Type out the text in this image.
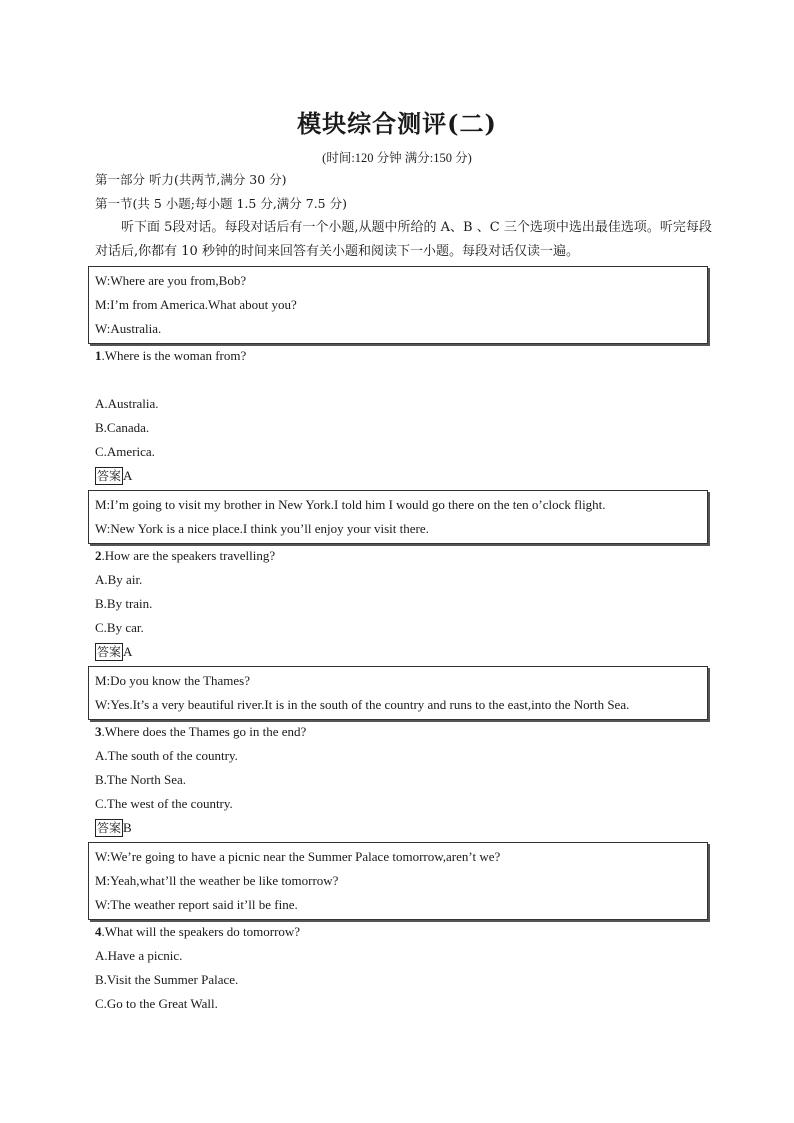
模块综合测评(二)
(时间:120 分钟 满分:150 分)
第一部分 听力(共两节,满分 30 分)
第一节(共 5 小题;每小题 1.5 分,满分 7.5 分)
听下面 5段对话。每段对话后有一个小题,从题中所给的 A、B 、C 三个选项中选出最佳选项。听完每段对话后,你都有 10 秒钟的时间来回答有关小题和阅读下一小题。每段对话仅读一遍。
W:Where are you from,Bob?
M:I’m from America.What about you?
W:Australia.
1.Where is the woman from?
A.Australia.
B.Canada.
C.America.
答案 A
M:I’m going to visit my brother in New York.I told him I would go there on the ten o’clock flight.
W:New York is a nice place.I think you’ll enjoy your visit there.
2.How are the speakers travelling?
A.By air.
B.By train.
C.By car.
答案 A
M:Do you know the Thames?
W:Yes.It’s a very beautiful river.It is in the south of the country and runs to the east,into the North Sea.
3.Where does the Thames go in the end?
A.The south of the country.
B.The North Sea.
C.The west of the country.
答案 B
W:We’re going to have a picnic near the Summer Palace tomorrow,aren’t we?
M:Yeah,what’ll the weather be like tomorrow?
W:The weather report said it’ll be fine.
4.What will the speakers do tomorrow?
A.Have a picnic.
B.Visit the Summer Palace.
C.Go to the Great Wall.
